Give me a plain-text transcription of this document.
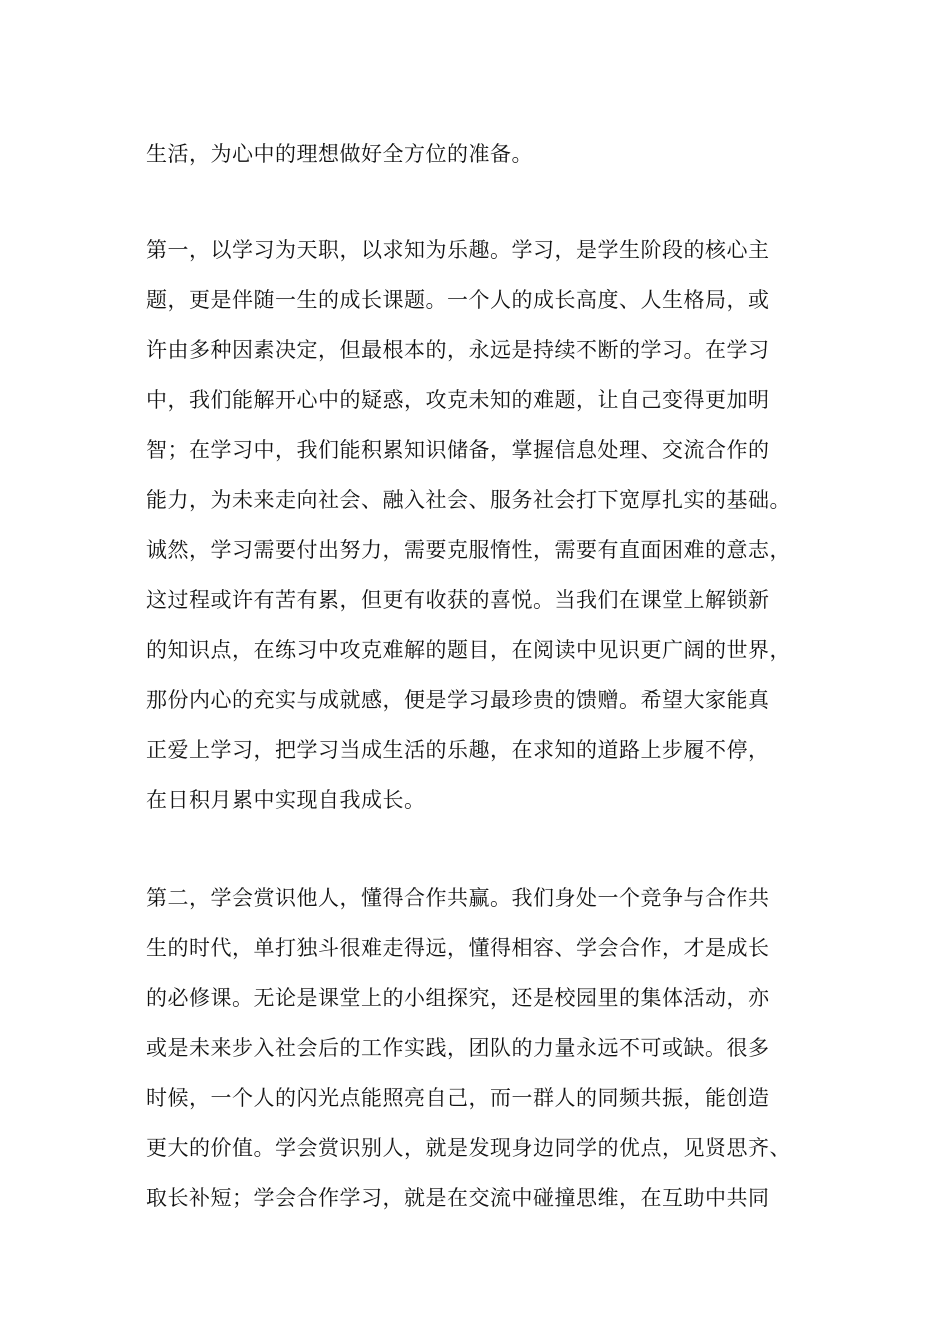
生活，为心中的理想做好全方位的准备。
第一，以学习为天职，以求知为乐趣。学习，是学生阶段的核心主
题，更是伴随一生的成长课题。一个人的成长高度、人生格局，或
许由多种因素决定，但最根本的，永远是持续不断的学习。在学习
中，我们能解开心中的疑惑，攻克未知的难题，让自己变得更加明
智；在学习中，我们能积累知识储备，掌握信息处理、交流合作的
能力，为未来走向社会、融入社会、服务社会打下宽厚扎实的基础。
诚然，学习需要付出努力，需要克服惰性，需要有直面困难的意志，
这过程或许有苦有累，但更有收获的喜悦。当我们在课堂上解锁新
的知识点，在练习中攻克难解的题目，在阅读中见识更广阔的世界，
那份内心的充实与成就感，便是学习最珍贵的馈赠。希望大家能真
正爱上学习，把学习当成生活的乐趣，在求知的道路上步履不停，
在日积月累中实现自我成长。
第二，学会赏识他人，懂得合作共赢。我们身处一个竞争与合作共
生的时代，单打独斗很难走得远，懂得相容、学会合作，才是成长
的必修课。无论是课堂上的小组探究，还是校园里的集体活动，亦
或是未来步入社会后的工作实践，团队的力量永远不可或缺。很多
时候，一个人的闪光点能照亮自己，而一群人的同频共振，能创造
更大的价值。学会赏识别人，就是发现身边同学的优点，见贤思齐、
取长补短；学会合作学习，就是在交流中碰撞思维，在互助中共同
